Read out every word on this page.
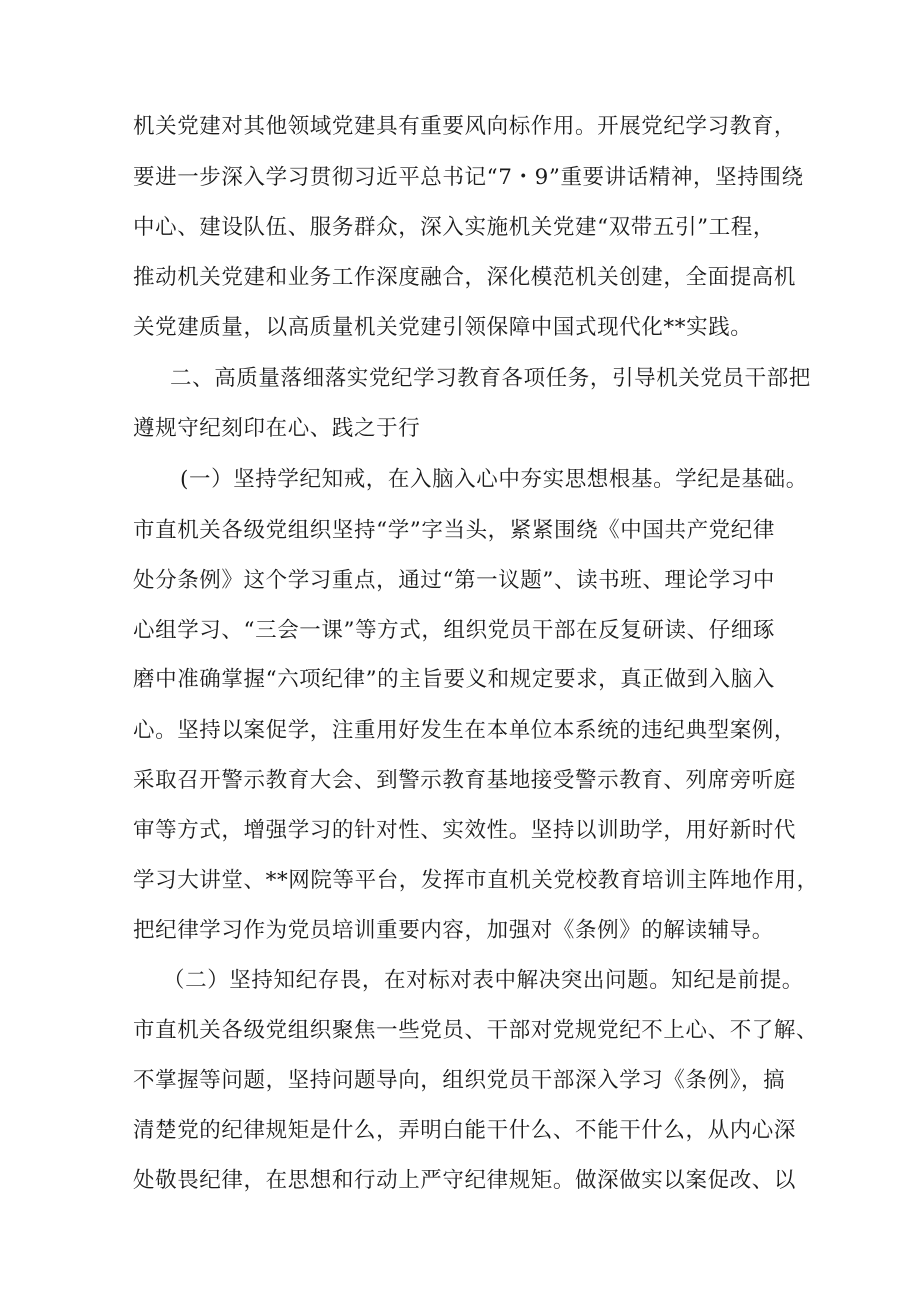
机关党建对其他领域党建具有重要风向标作用。开展党纪学习教育，
要进一步深入学习贯彻习近平总书记“7・9”重要讲话精神，坚持围绕
中心、建设队伍、服务群众，深入实施机关党建“双带五引”工程，
推动机关党建和业务工作深度融合，深化模范机关创建，全面提高机
关党建质量，以高质量机关党建引领保障中国式现代化**实践。
二、高质量落细落实党纪学习教育各项任务，引导机关党员干部把
遵规守纪刻印在心、践之于行
(一）坚持学纪知戒，在入脑入心中夯实思想根基。学纪是基础。
市直机关各级党组织坚持“学”字当头，紧紧围绕《中国共产党纪律
处分条例》这个学习重点，通过“第一议题”、读书班、理论学习中
心组学习、“三会一课”等方式，组织党员干部在反复研读、仔细琢
磨中准确掌握“六项纪律”的主旨要义和规定要求，真正做到入脑入
心。坚持以案促学，注重用好发生在本单位本系统的违纪典型案例，
采取召开警示教育大会、到警示教育基地接受警示教育、列席旁听庭
审等方式，增强学习的针对性、实效性。坚持以训助学，用好新时代
学习大讲堂、**网院等平台，发挥市直机关党校教育培训主阵地作用，
把纪律学习作为党员培训重要内容，加强对《条例》的解读辅导。
（二）坚持知纪存畏，在对标对表中解决突出问题。知纪是前提。
市直机关各级党组织聚焦一些党员、干部对党规党纪不上心、不了解、
不掌握等问题，坚持问题导向，组织党员干部深入学习《条例》，搞
清楚党的纪律规矩是什么，弄明白能干什么、不能干什么，从内心深
处敬畏纪律，在思想和行动上严守纪律规矩。做深做实以案促改、以
